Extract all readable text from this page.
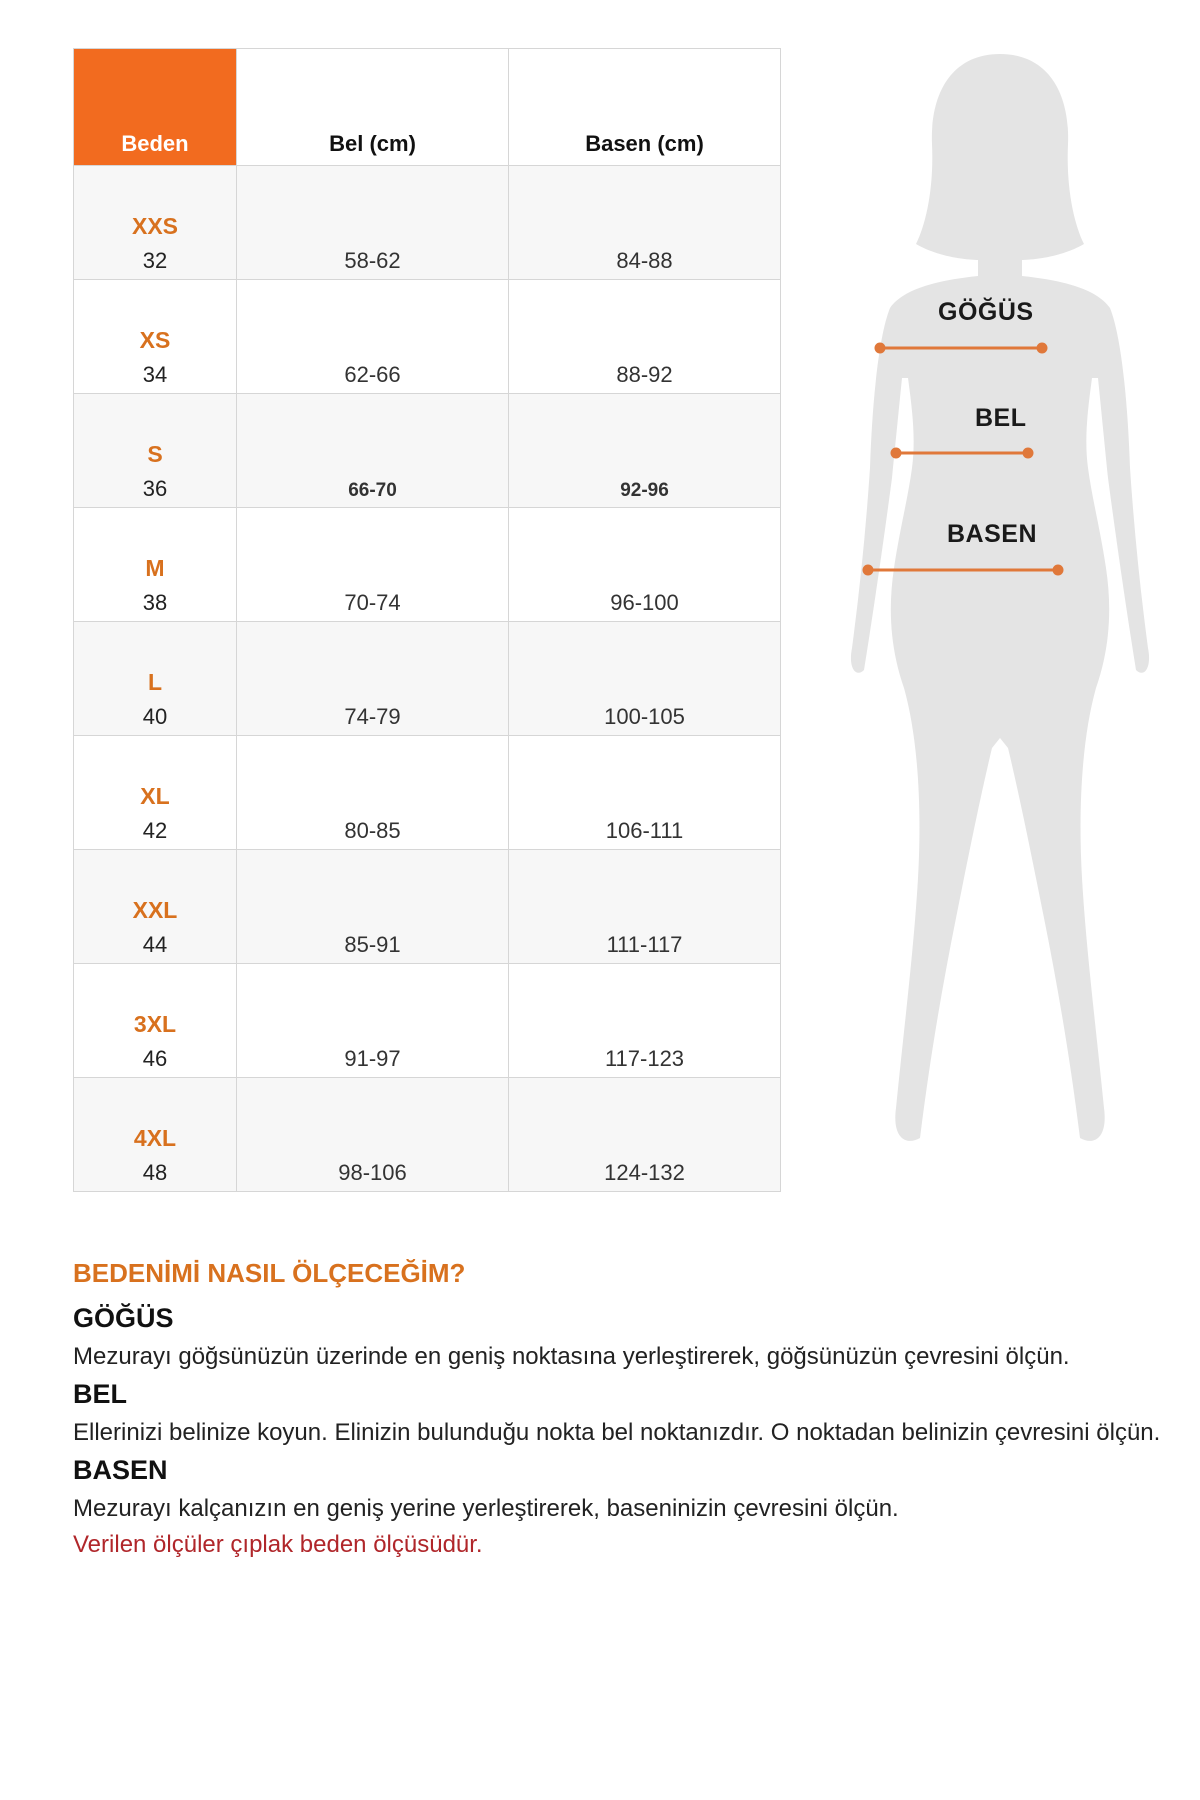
Beden	Bel (cm)	Basen (cm)

XXS
32	58-62	84-88

XS
34	62-66	88-92

S
36	66-70	92-96

M
38	70-74	96-100

L
40	74-79	100-105

XL
42	80-85	106-111

XXL
44	85-91	111-117

3XL
46	91-97	117-123

4XL
48	98-106	124-132
GÖĞÜS
BEL
BASEN
BEDENİMİ NASIL ÖLÇECEĞİM?
GÖĞÜS

Mezurayı göğsünüzün üzerinde en geniş noktasına yerleştirerek, göğsünüzün çevresini ölçün.

BEL

Ellerinizi belinize koyun. Elinizin bulunduğu nokta bel noktanızdır. O noktadan belinizin çevresini ölçün.

BASEN

Mezurayı kalçanızın en geniş yerine yerleştirerek, baseninizin çevresini ölçün.

Verilen ölçüler çıplak beden ölçüsüdür.
